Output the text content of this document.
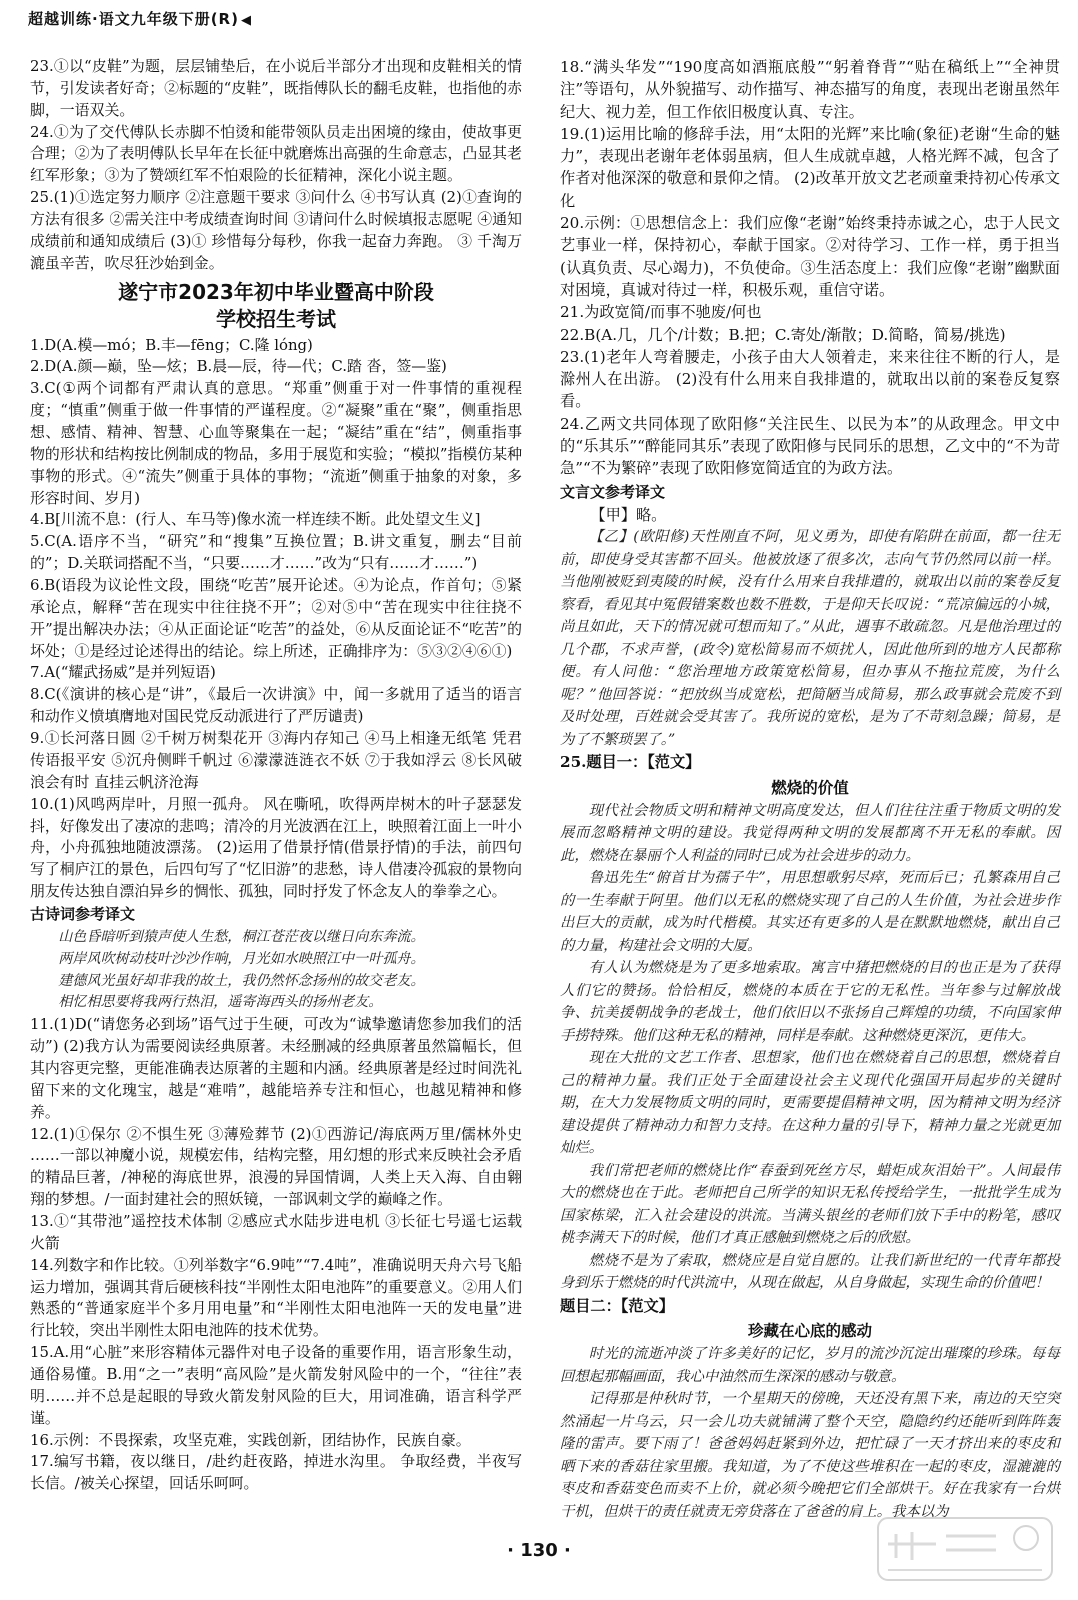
超越训练·语文九年级下册(R) ◀

23.①以“皮鞋”为题，层层铺垫后，在小说后半部分才出现和皮鞋相关的情节，引发读者好奇；②标题的“皮鞋”，既指傅队长的翻毛皮鞋，也指他的赤脚，一语双关。

24.①为了交代傅队长赤脚不怕烫和能带领队员走出困境的缘由，使故事更合理；②为了表明傅队长早年在长征中就磨炼出高强的生命意志，凸显其老红军形象；③为了赞颂红军不怕艰险的长征精神，深化小说主题。

25.(1)①选定努力顺序 ②注意题干要求 ③问什么 ④书写认真 (2)①查询的方法有很多 ②需关注中考成绩查询时间 ③请问什么时候填报志愿呢 ④通知成绩前和通知成绩后 (3)① 珍惜每分每秒，你我一起奋力奔跑。 ③ 千淘万漉虽辛苦，吹尽狂沙始到金。

遂宁市2023年初中毕业暨高中阶段
学校招生考试

1.D(A.模—mó；B.丰—fēng；C.隆 lóng)

2.D(A.颜—巅，坠—炫；B.晨—辰，待—代；C.踏 沓，签—鉴)

3.C(①两个词都有严肃认真的意思。“郑重”侧重于对一件事情的重视程度；“慎重”侧重于做一件事情的严谨程度。②“凝聚”重在“聚”，侧重指思想、感情、精神、智慧、心血等聚集在一起；“凝结”重在“结”，侧重指事物的形状和结构按比例制成的物品，多用于展览和实验；“模拟”指模仿某种事物的形式。④“流失”侧重于具体的事物；“流逝”侧重于抽象的对象，多形容时间、岁月)

4.B[川流不息：(行人、车马等)像水流一样连续不断。此处望文生义]

5.C(A.语序不当，“研究”和“搜集”互换位置；B.讲文重复，删去“目前的”；D.关联词搭配不当，“只要……才……”改为“只有……才……”)

6.B(语段为议论性文段，围绕“吃苦”展开论述。④为论点，作首句；⑤紧承论点，解释“苦在现实中往往挠不开”；②对⑤中“苦在现实中往往挠不开”提出解决办法；④从正面论证“吃苦”的益处，⑥从反面论证不“吃苦”的坏处；①是经过论述得出的结论。综上所述，正确排序为：⑤③②④⑥①)

7.A(“耀武扬威”是并列短语)

8.C(《演讲的核心是“讲”，《最后一次讲演》中，闻一多就用了适当的语言和动作义愤填膺地对国民党反动派进行了严厉谴责)

9.①长河落日圆 ②千树万树梨花开 ③海内存知己 ④马上相逢无纸笔 凭君传语报平安 ⑤沉舟侧畔千帆过 ⑥濛濛涟涟衣不妖 ⑦于我如浮云 ⑧长风破浪会有时 直挂云帆济沧海

10.(1)风鸣两岸叶，月照一孤舟。 风在嘶吼，吹得两岸树木的叶子瑟瑟发抖，好像发出了凄凉的悲鸣；清冷的月光波洒在江上，映照着江面上一叶小舟，小舟孤独地随波漂荡。 (2)运用了借景抒情(借景抒情)的手法，前四句写了桐庐江的景色，后四句写了“忆旧游”的悲愁，诗人借凄冷孤寂的景物向朋友传达独自漂泊异乡的惆怅、孤独，同时抒发了怀念友人的拳拳之心。

古诗词参考译文

山色昏暗听到猿声使人生愁，桐江苍茫夜以继日向东奔流。

两岸风吹树动枝叶沙沙作响，月光如水映照江中一叶孤舟。

建德风光虽好却非我的故土，我仍然怀念扬州的故交老友。

相忆相思要将我两行热泪，遥寄海西头的扬州老友。

11.(1)D(“请您务必到场”语气过于生硬，可改为“诚挚邀请您参加我们的活动”) (2)我方认为需要阅读经典原著。未经删减的经典原著虽然篇幅长，但其内容更完整，更能准确表达原著的主题和内涵。经典原著是经过时间洗礼留下来的文化瑰宝，越是“难啃”，越能培养专注和恒心，也越见精神和修养。

12.(1)①保尔 ②不惧生死 ③薄殓葬节 (2)①西游记/海底两万里/儒林外史 ……一部以神魔小说，规模宏伟，结构完整，用幻想的形式来反映社会矛盾的精品巨著，/神秘的海底世界，浪漫的异国情调，人类上天入海、自由翱翔的梦想。/一面封建社会的照妖镜，一部讽刺文学的巅峰之作。

13.①“其带池”遥控技术体制 ②感应式水陆步进电机 ③长征七号遥七运载火箭

14.列数字和作比较。①列举数字“6.9吨”“7.4吨”，准确说明天舟六号飞船运力增加，强调其背后硬核科技“半刚性太阳电池阵”的重要意义。②用人们熟悉的“普通家庭半个多月用电量”和“半刚性太阳电池阵一天的发电量”进行比较，突出半刚性太阳电池阵的技术优势。

15.A.用“心脏”来形容精体元器件对电子设备的重要作用，语言形象生动，通俗易懂。B.用“之一”表明“高风险”是火箭发射风险中的一个，“往往”表明……并不总是起眼的导致火箭发射风险的巨大，用词准确，语言科学严谨。

16.示例：不畏探索，攻坚克难，实践创新，团结协作，民族自豪。

17.编写书籍，夜以继日，/赴约赶夜路，掉进水沟里。 争取经费，半夜写长信。/被关心探望，回话乐呵呵。

18.“满头华发”“190度高如酒瓶底般”“躬着脊背”“贴在稿纸上”“全神贯注”等语句，从外貌描写、动作描写、神态描写的角度，表现出老谢虽然年纪大、视力差，但工作依旧极度认真、专注。

19.(1)运用比喻的修辞手法，用“太阳的光辉”来比喻(象征)老谢“生命的魅力”，表现出老谢年老体弱虽病，但人生成就卓越，人格光辉不减，包含了作者对他深深的敬意和景仰之情。 (2)改革开放文艺老顽童秉持初心传承文化

20.示例：①思想信念上：我们应像“老谢”始终秉持赤诚之心，忠于人民文艺事业一样，保持初心，奉献于国家。②对待学习、工作一样，勇于担当(认真负责、尽心竭力)，不负使命。③生活态度上：我们应像“老谢”幽默面对困境，真诚对待过一样，积极乐观，重信守诺。

21.为政宽简/而事不驰废/何也

22.B(A.几，几个/计数；B.把；C.寄处/渐散；D.简略，简易/挑选)

23.(1)老年人弯着腰走，小孩子由大人领着走，来来往往不断的行人，是滁州人在出游。 (2)没有什么用来自我排遣的，就取出以前的案卷反复察看。

24.乙两文共同体现了欧阳修“关注民生、以民为本”的从政理念。甲文中的“乐其乐”“醉能同其乐”表现了欧阳修与民同乐的思想，乙文中的“不为苛急”“不为繁碎”表现了欧阳修宽简适宜的为政方法。

文言文参考译文

【甲】略。

【乙】(欧阳修)天性刚直不阿，见义勇为，即使有陷阱在前面，都一往无前，即使身受其害都不回头。他被放逐了很多次，志向气节仍然同以前一样。当他刚被贬到夷陵的时候，没有什么用来自我排遣的，就取出以前的案卷反复察看，看见其中冤假错案数也数不胜数，于是仰天长叹说：“荒凉偏远的小城，尚且如此，天下的情况就可想而知了。”从此，遇事不敢疏忽。凡是他治理过的几个郡，不求声誉，(政令)宽松简易而不烦扰人，因此他所到的地方人民都称便。有人问他：“您治理地方政策宽松简易，但办事从不拖拉荒废，为什么呢？”他回答说：“把放纵当成宽松，把简陋当成简易，那么政事就会荒废不到及时处理，百姓就会受其害了。我所说的宽松，是为了不苛刻急躁；简易，是为了不繁琐罢了。”

25.题目一：【范文】
燃烧的价值

现代社会物质文明和精神文明高度发达，但人们往往注重于物质文明的发展而忽略精神文明的建设。我觉得两种文明的发展都离不开无私的奉献。因此，燃烧在暴丽个人利益的同时已成为社会进步的动力。

鲁迅先生“俯首甘为孺子牛”，用思想歌躬尽瘁，死而后已；孔繁森用自己的一生奉献于阿里。他们以无私的燃烧实现了自己的人生价值，为社会进步作出巨大的贡献，成为时代楷模。其实还有更多的人是在默默地燃烧，献出自己的力量，构建社会文明的大厦。

有人认为燃烧是为了更多地索取。寓言中猪把燃烧的目的也正是为了获得人们它的赞扬。恰恰相反，燃烧的本质在于它的无私性。当年参与过解放战争、抗美援朝战争的老战士，他们依旧以不张扬自己辉煌的功绩，不向国家伸手捞特殊。他们这种无私的精神，同样是奉献。这种燃烧更深沉，更伟大。

现在大批的文艺工作者、思想家，他们也在燃烧着自己的思想，燃烧着自己的精神力量。我们正处于全面建设社会主义现代化强国开局起步的关键时期，在大力发展物质文明的同时，更需要提倡精神文明，因为精神文明为经济建设提供了精神动力和智力支持。在这种力量的引导下，精神力量之光就更加灿烂。

我们常把老师的燃烧比作“春蚕到死丝方尽，蜡炬成灰泪始干”。人间最伟大的燃烧也在于此。老师把自己所学的知识无私传授给学生，一批批学生成为国家栋梁，汇入社会建设的洪流。当满头银丝的老师们放下手中的粉笔，感叹桃李满天下的时候，他们才真正感触到燃烧之后的欣慰。

燃烧不是为了索取，燃烧应是自觉自愿的。让我们新世纪的一代青年都投身到乐于燃烧的时代洪流中，从现在做起，从自身做起，实现生命的价值吧！

题目二：【范文】
珍藏在心底的感动

时光的流逝冲淡了许多美好的记忆，岁月的流沙沉淀出璀璨的珍珠。每每回想起那幅画面，我心中油然而生深深的感动与敬意。

记得那是仲秋时节，一个星期天的傍晚，天还没有黑下来，南边的天空突然涌起一片乌云，只一会儿功夫就铺满了整个天空，隐隐约约还能听到阵阵轰隆的雷声。要下雨了！爸爸妈妈赶紧到外边，把忙碌了一天才挤出来的枣皮和晒下来的香菇往家里搬。我知道，为了不使这些堆积在一起的枣皮，湿漉漉的枣皮和香菇变色而卖不上价，就必须今晚把它们全部烘干。好在我家有一台烘干机，但烘干的责任就责无旁贷落在了爸爸的肩上。我本以为

· 130 ·
